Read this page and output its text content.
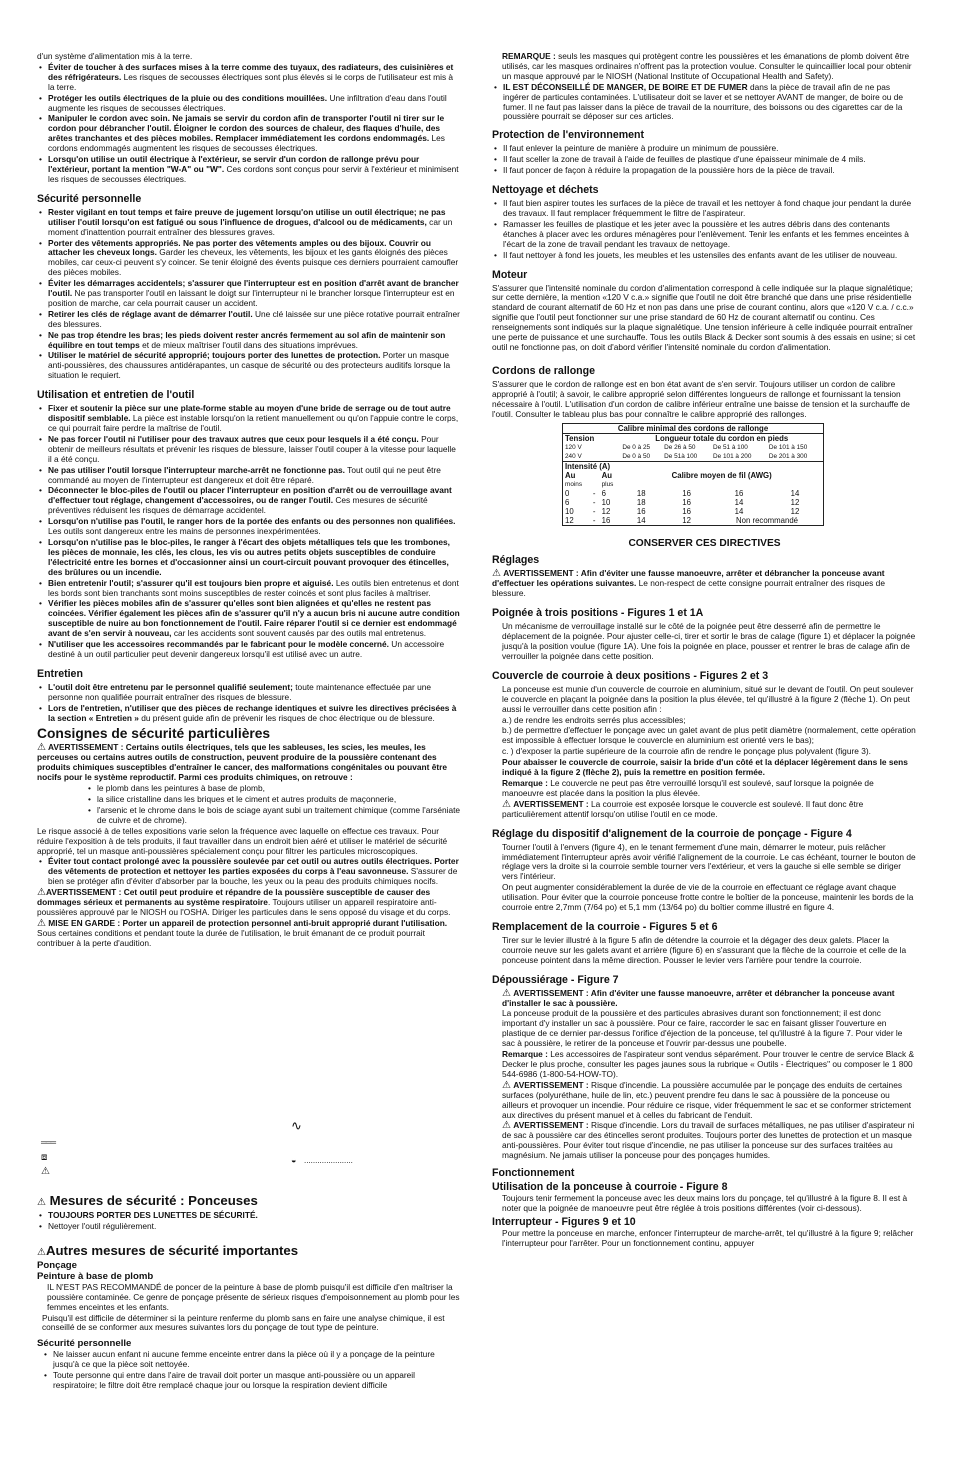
d'un système d'alimentation mis à la terre.

• Éviter de toucher à des surfaces mises à la terre comme des tuyaux, des radiateurs, des cuisinières et des réfrigérateurs. Les risques de secousses électriques sont plus élevés si le corps de l'utilisateur est mis à la terre.
• Protéger les outils électriques de la pluie ou des conditions mouillées. Une infiltration d'eau dans l'outil augmente les risques de secousses électriques.
• Manipuler le cordon avec soin. Ne jamais se servir du cordon afin de transporter l'outil ni tirer sur le cordon pour débrancher l'outil. Éloigner le cordon des sources de chaleur, des flaques d'huile, des arêtes tranchantes et des pièces mobiles. Remplacer immédiatement les cordons endommagés. Les cordons endommagés augmentent les risques de secousses électriques.
• Lorsqu'on utilise un outil électrique à l'extérieur, se servir d'un cordon de rallonge prévu pour l'extérieur, portant la mention "W-A" ou "W". Ces cordons sont conçus pour servir à l'extérieur et minimisent les risques de secousses électriques.
Sécurité personnelle
• Rester vigilant en tout temps et faire preuve de jugement lorsqu'on utilise un outil électrique; ne pas utiliser l'outil lorsqu'on est fatigué ou sous l'influence de drogues, d'alcool ou de médicaments, car un moment d'inattention pourrait entraîner des blessures graves.
• Porter des vêtements appropriés. Ne pas porter des vêtements amples ou des bijoux. Couvrir ou attacher les cheveux longs. Garder les cheveux, les vêtements, les bijoux et les gants éloignés des pièces mobiles, car ceux-ci peuvent s'y coincer. Se tenir éloigné des évents puisque ces derniers pourraient camoufler des pièces mobiles.
• Éviter les démarrages accidentels; s'assurer que l'interrupteur est en position d'arrêt avant de brancher l'outil. Ne pas transporter l'outil en laissant le doigt sur l'interrupteur ni le brancher lorsque l'interrupteur est en position de marche, car cela pourrait causer un accident.
• Retirer les clés de réglage avant de démarrer l'outil. Une clé laissée sur une pièce rotative pourrait entraîner des blessures.
• Ne pas trop étendre les bras; les pieds doivent rester ancrés fermement au sol afin de maintenir son équilibre en tout temps et de mieux maîtriser l'outil dans des situations imprévues.
• Utiliser le matériel de sécurité approprié; toujours porter des lunettes de protection. Porter un masque anti-poussières, des chaussures antidérapantes, un casque de sécurité ou des protecteurs auditifs lorsque la situation le requiert.
Utilisation et entretien de l'outil
• Fixer et soutenir la pièce sur une plate-forme stable au moyen d'une bride de serrage ou de tout autre dispositif semblable. La pièce est instable lorsqu'on la retient manuellement ou qu'on l'appuie contre le corps, ce qui pourrait faire perdre la maîtrise de l'outil.
• Ne pas forcer l'outil ni l'utiliser pour des travaux autres que ceux pour lesquels il a été conçu. Pour obtenir de meilleurs résultats et prévenir les risques de blessure, laisser l'outil couper à la vitesse pour laquelle il a été conçu.
• Ne pas utiliser l'outil lorsque l'interrupteur marche-arrêt ne fonctionne pas. Tout outil qui ne peut être commandé au moyen de l'interrupteur est dangereux et doit être réparé.
• Déconnecter le bloc-piles de l'outil ou placer l'interrupteur en position d'arrêt ou de verrouillage avant d'effectuer tout réglage, changement d'accessoires, ou de ranger l'outil. Ces mesures de sécurité préventives réduisent les risques de démarrage accidentel.
• Lorsqu'on n'utilise pas l'outil, le ranger hors de la portée des enfants ou des personnes non qualifiées. Les outils sont dangereux entre les mains de personnes inexpérimentées.
• Lorsqu'on n'utilise pas le bloc-piles, le ranger à l'écart des objets métalliques tels que les trombones, les pièces de monnaie, les clés, les clous, les vis ou autres petits objets susceptibles de conduire l'électricité entre les bornes et d'occasionner ainsi un court-circuit pouvant provoquer des étincelles, des brûlures ou un incendie.
• Bien entretenir l'outil; s'assurer qu'il est toujours bien propre et aiguisé. Les outils bien entretenus et dont les bords sont bien tranchants sont moins susceptibles de rester coincés et sont plus faciles à maîtriser.
• Vérifier les pièces mobiles afin de s'assurer qu'elles sont bien alignées et qu'elles ne restent pas coincées. Vérifier également les pièces afin de s'assurer qu'il n'y a aucun bris ni aucune autre condition susceptible de nuire au bon fonctionnement de l'outil. Faire réparer l'outil si ce dernier est endommagé avant de s'en servir à nouveau, car les accidents sont souvent causés par des outils mal entretenus.
• N'utiliser que les accessoires recommandés par le fabricant pour le modèle concerné. Un accessoire destiné à un outil particulier peut devenir dangereux lorsqu'il est utilisé avec un autre.
Entretien
• L'outil doit être entretenu par le personnel qualifié seulement; toute maintenance effectuée par une personne non qualifiée pourrait entraîner des risques de blessure.
• Lors de l'entretien, n'utiliser que des pièces de rechange identiques et suivre les directives précisées à la section « Entretien » du présent guide afin de prévenir les risques de choc électrique ou de blessure.
Consignes de sécurité particulières

⚠ AVERTISSEMENT : Certains outils électriques, tels que les sableuses, les scies, les meules, les perceuses ou certains autres outils de construction, peuvent produire de la poussière contenant des produits chimiques susceptibles d'entraîner le cancer, des malformations congénitales ou pouvant être nocifs pour le système reproductif. Parmi ces produits chimiques, on retrouve :

• le plomb dans les peintures à base de plomb,
• la silice cristalline dans les briques et le ciment et autres produits de maçonnerie,
• l'arsenic et le chrome dans le bois de sciage ayant subi un traitement chimique (comme l'arséniate de cuivre et de chrome).

Le risque associé à de telles expositions varie selon la fréquence avec laquelle on effectue ces travaux. Pour réduire l'exposition à de tels produits, il faut travailler dans un endroit bien aéré et utiliser le matériel de sécurité approprié, tel un masque anti-poussières spécialement conçu pour filtrer les particules microscopiques.

• Éviter tout contact prolongé avec la poussière soulevée par cet outil ou autres outils électriques. Porter des vêtements de protection et nettoyer les parties exposées du corps à l'eau savonneuse. S'assurer de bien se protéger afin d'éviter d'absorber par la bouche, les yeux ou la peau des produits chimiques nocifs.

⚠AVERTISSEMENT : Cet outil peut produire et répandre de la poussière susceptible de causer des dommages sérieux et permanents au système respiratoire. Toujours utiliser un appareil respiratoire anti-poussières approuvé par le NIOSH ou l'OSHA. Diriger les particules dans le sens opposé du visage et du corps.

⚠ MISE EN GARDE : Porter un appareil de protection personnel anti-bruit approprié durant l'utilisation. Sous certaines conditions et pendant toute la durée de l'utilisation, le bruit émanant de ce produit pourrait contribuer à la perte d'audition.

∿
═══
⧈
⚠
◒ ......................
⚠ Mesures de sécurité : Ponceuses
• TOUJOURS PORTER DES LUNETTES DE SÉCURITÉ.
• Nettoyer l'outil régulièrement.
⚠Autres mesures de sécurité importantes
Ponçage
Peinture à base de plomb

IL N'EST PAS RECOMMANDÉ de poncer de la peinture à base de plomb puisqu'il est difficile d'en maîtriser la poussière contaminée. Ce genre de ponçage présente de sérieux risques d'empoisonnement au plomb pour les femmes enceintes et les enfants.

Puisqu'il est difficile de déterminer si la peinture renferme du plomb sans en faire une analyse chimique, il est conseillé de se conformer aux mesures suivantes lors du ponçage de tout type de peinture.

Sécurité personnelle
• Ne laisser aucun enfant ni aucune femme enceinte entrer dans la pièce où il y a ponçage de la peinture jusqu'à ce que la pièce soit nettoyée.
• Toute personne qui entre dans l'aire de travail doit porter un masque anti-poussière ou un appareil respiratoire; le filtre doit être remplacé chaque jour ou lorsque la respiration devient difficile

REMARQUE : seuls les masques qui protègent contre les poussières et les émanations de plomb doivent être utilisés, car les masques ordinaires n'offrent pas la protection voulue. Consulter le quincaillier local pour obtenir un masque approuvé par le NIOSH (National Institute of Occupational Health and Safety).

• IL EST DÉCONSEILLÉ DE MANGER, DE BOIRE ET DE FUMER dans la pièce de travail afin de ne pas ingérer de particules contaminées. L'utilisateur doit se laver et se nettoyer AVANT de manger, de boire ou de fumer. Il ne faut pas laisser dans la pièce de travail de la nourriture, des boissons ou des cigarettes car de la poussière pourrait se déposer sur ces articles.
Protection de l'environnement
• Il faut enlever la peinture de manière à produire un minimum de poussière.
• Il faut sceller la zone de travail à l'aide de feuilles de plastique d'une épaisseur minimale de 4 mils.
• Il faut poncer de façon à réduire la propagation de la poussière hors de la pièce de travail.
Nettoyage et déchets
• Il faut bien aspirer toutes les surfaces de la pièce de travail et les nettoyer à fond chaque jour pendant la durée des travaux. Il faut remplacer fréquemment le filtre de l'aspirateur.
• Ramasser les feuilles de plastique et les jeter avec la poussière et les autres débris dans des contenants étanches à placer avec les ordures ménagères pour l'enlèvement. Tenir les enfants et les femmes enceintes à l'écart de la zone de travail pendant les travaux de nettoyage.
• Il faut nettoyer à fond les jouets, les meubles et les ustensiles des enfants avant de les utiliser de nouveau.
Moteur

S'assurer que l'intensité nominale du cordon d'alimentation correspond à celle indiquée sur la plaque signalétique; sur cette dernière, la mention «120 V c.a.» signifie que l'outil ne doit être branché que dans une prise résidentielle standard de courant alternatif de 60 Hz et non pas dans une prise de courant continu, alors que «120 V c.a. / c.c.» signifie que l'outil peut fonctionner sur une prise standard de 60 Hz de courant alternatif ou continu. Ces renseignements sont indiqués sur la plaque signalétique. Une tension inférieure à celle indiquée pourrait entraîner une perte de puissance et une surchauffe. Tous les outils Black & Decker sont soumis à des essais en usine; si cet outil ne fonctionne pas, on doit d'abord vérifier l'intensité nominale du cordon d'alimentation.

Cordons de rallonge

S'assurer que le cordon de rallonge est en bon état avant de s'en servir. Toujours utiliser un cordon de calibre approprié à l'outil; à savoir, le calibre approprié selon différentes longueurs de rallonge et fournissant la tension nécessaire à l'outil. L'utilisation d'un cordon de calibre inférieur entraîne une baisse de tension et la surchauffe de l'outil. Consulter le tableau plus bas pour connaître le calibre approprié des rallonges.

Calibre minimal des cordons de rallonge						
Tension			Longueur totale du cordon en pieds			
120 V			De 0 à 25	De 26 à 50	De 51 à 100	De 101 à 150
240 V			De 0 à 50	De 51à 100	De 101 à 200	De 201 à 300
Intensité (A)						
Au		Au	Calibre moyen de fil (AWG)			
moins		plus				
0	-	6	18	16	16	14
6	-	10	18	16	14	12
10	-	12	16	16	14	12
12	-	16	14	12	Non recommandé	
CONSERVER CES DIRECTIVES
Réglages

⚠ AVERTISSEMENT : Afin d'éviter une fausse manoeuvre, arrêter et débrancher la ponceuse avant d'effectuer les opérations suivantes. Le non-respect de cette consigne pourrait entraîner des risques de blessure.

Poignée à trois positions - Figures 1 et 1A

Un mécanisme de verrouillage installé sur le côté de la poignée peut être desserré afin de permettre le déplacement de la poignée. Pour ajuster celle-ci, tirer et sortir le bras de calage (figure 1) et déplacer la poignée jusqu'à la position voulue (figure 1A). Une fois la poignée en place, pousser et rentrer le bras de calage afin de verrouiller la poignée dans cette position.

Couvercle de courroie à deux positions - Figures 2 et 3

La ponceuse est munie d'un couvercle de courroie en aluminium, situé sur le devant de l'outil. On peut soulever le couvercle en plaçant la poignée dans la position la plus élevée, tel qu'illustré à la figure 2 (flèche 1). On peut aussi le verrouiller dans cette position afin :

a.) de rendre les endroits serrés plus accessibles;

b.) de permettre d'effectuer le ponçage avec un galet avant de plus petit diamètre (normalement, cette opération est impossible à effectuer lorsque le couvercle en aluminium est orienté vers le bas);

c. ) d'exposer la partie supérieure de la courroie afin de rendre le ponçage plus polyvalent (figure 3).

Pour abaisser le couvercle de courroie, saisir la bride d'un côté et la déplacer légèrement dans le sens indiqué à la figure 2 (flèche 2), puis la remettre en position fermée.

Remarque : Le couvercle ne peut pas être verrouillé lorsqu'il est soulevé, sauf lorsque la poignée de manoeuvre est placée dans la position la plus élevée.

⚠ AVERTISSEMENT : La courroie est exposée lorsque le couvercle est soulevé. Il faut donc être particulièrement attentif lorsqu'on utilise l'outil en ce mode.

Réglage du dispositif d'alignement de la courroie de ponçage - Figure 4

Tourner l'outil à l'envers (figure 4), en le tenant fermement d'une main, démarrer le moteur, puis relâcher immédiatement l'interrupteur après avoir vérifié l'alignement de la courroie. Le cas échéant, tourner le bouton de réglage vers la droite si la courroie semble tourner vers l'extérieur, et vers la gauche si elle semble se diriger vers l'intérieur.

On peut augmenter considérablement la durée de vie de la courroie en effectuant ce réglage avant chaque utilisation. Pour éviter que la courroie ponceuse frotte contre le boîtier de la ponceuse, maintenir les bords de la courroie entre 2,7mm (7/64 po) et 5,1 mm (13/64 po) du boîtier comme illustré en figure 4.

Remplacement de la courroie - Figures 5 et 6

Tirer sur le levier illustré à la figure 5 afin de détendre la courroie et la dégager des deux galets. Placer la courroie neuve sur les galets avant et arrière (figure 6) en s'assurant que la flèche de la courroie et celle de la ponceuse pointent dans la même direction. Pousser le levier vers l'arrière pour tendre la courroie.

Dépoussiérage - Figure 7

⚠ AVERTISSEMENT : Afin d'éviter une fausse manoeuvre, arrêter et débrancher la ponceuse avant d'installer le sac à poussière.

La ponceuse produit de la poussière et des particules abrasives durant son fonctionnement; il est donc important d'y installer un sac à poussière. Pour ce faire, raccorder le sac en faisant glisser l'ouverture en plastique de ce dernier par-dessus l'orifice d'éjection de la ponceuse, tel qu'illustré à la figure 7. Pour vider le sac à poussière, le retirer de la ponceuse et l'ouvrir par-dessus une poubelle.

Remarque : Les accessoires de l'aspirateur sont vendus séparément. Pour trouver le centre de service Black & Decker le plus proche, consulter les pages jaunes sous la rubrique « Outils - Électriques" ou composer le 1 800 544-6986 (1-800-54-HOW-TO).

⚠ AVERTISSEMENT : Risque d'incendie. La poussière accumulée par le ponçage des enduits de certaines surfaces (polyuréthane, huile de lin, etc.) peuvent prendre feu dans le sac à poussière de la ponceuse ou ailleurs et provoquer un incendie. Pour réduire ce risque, vider fréquemment le sac et se conformer strictement aux directives du présent manuel et à celles du fabricant de l'enduit.

⚠ AVERTISSEMENT : Risque d'incendie. Lors du travail de surfaces métalliques, ne pas utiliser d'aspirateur ni de sac à poussière car des étincelles seront produites. Toujours porter des lunettes de protection et un masque anti-poussières. Pour éviter tout risque d'incendie, ne pas utiliser la ponceuse sur des surfaces traitées au magnésium. Ne jamais utiliser la ponceuse pour des ponçages humides.

Fonctionnement
Utilisation de la ponceuse à courroie - Figure 8

Toujours tenir fermement la ponceuse avec les deux mains lors du ponçage, tel qu'illustré à la figure 8. Il est à noter que la poignée de manoeuvre peut être réglée à trois positions différentes (voir ci-dessous).

Interrupteur - Figures 9 et 10

Pour mettre la ponceuse en marche, enfoncer l'interrupteur de marche-arrêt, tel qu'illustré à la figure 9; relâcher l'interrupteur pour l'arrêter. Pour un fonctionnement continu, appuyer
